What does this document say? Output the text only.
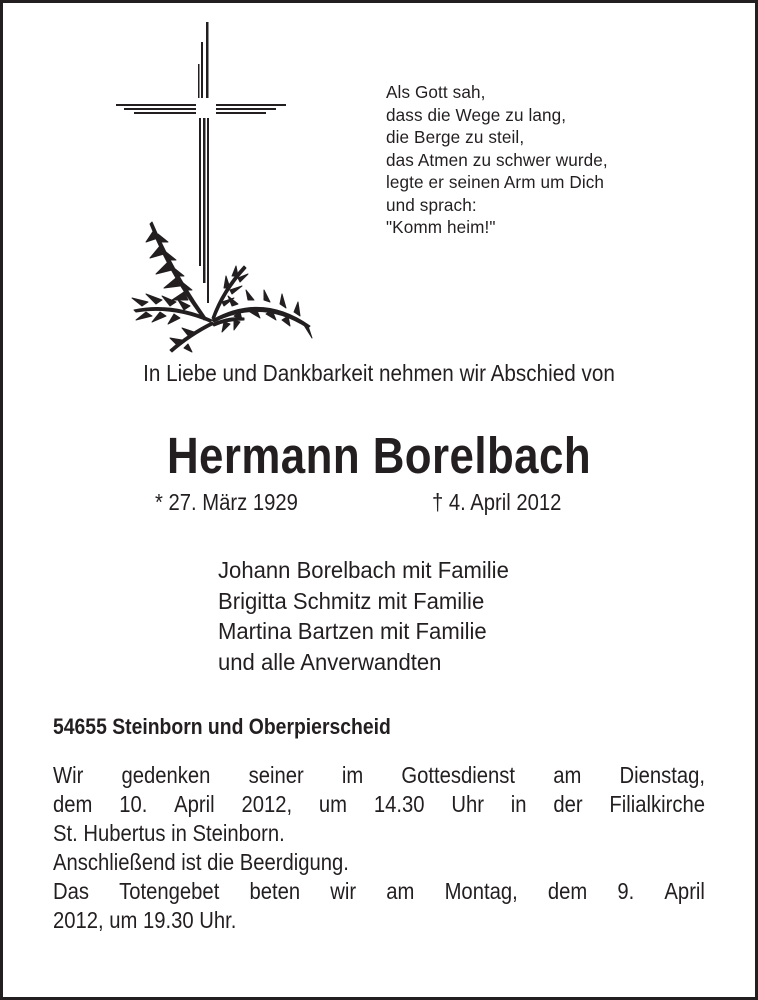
Als Gott sah,
dass die Wege zu lang,
die Berge zu steil,
das Atmen zu schwer wurde,
legte er seinen Arm um Dich
und sprach:
"Komm heim!"
In Liebe und Dankbarkeit nehmen wir Abschied von
Hermann Borelbach
* 27. März 1929	† 4. April 2012
Johann Borelbach mit Familie
Brigitta Schmitz mit Familie
Martina Bartzen mit Familie
und alle Anverwandten
54655 Steinborn und Oberpierscheid
Wir gedenken seiner im Gottesdienst am Dienstag,
dem 10. April 2012, um 14.30 Uhr in der Filialkirche
St. Hubertus in Steinborn.
Anschließend ist die Beerdigung.
Das Totengebet beten wir am Montag, dem 9. April
2012, um 19.30 Uhr.
